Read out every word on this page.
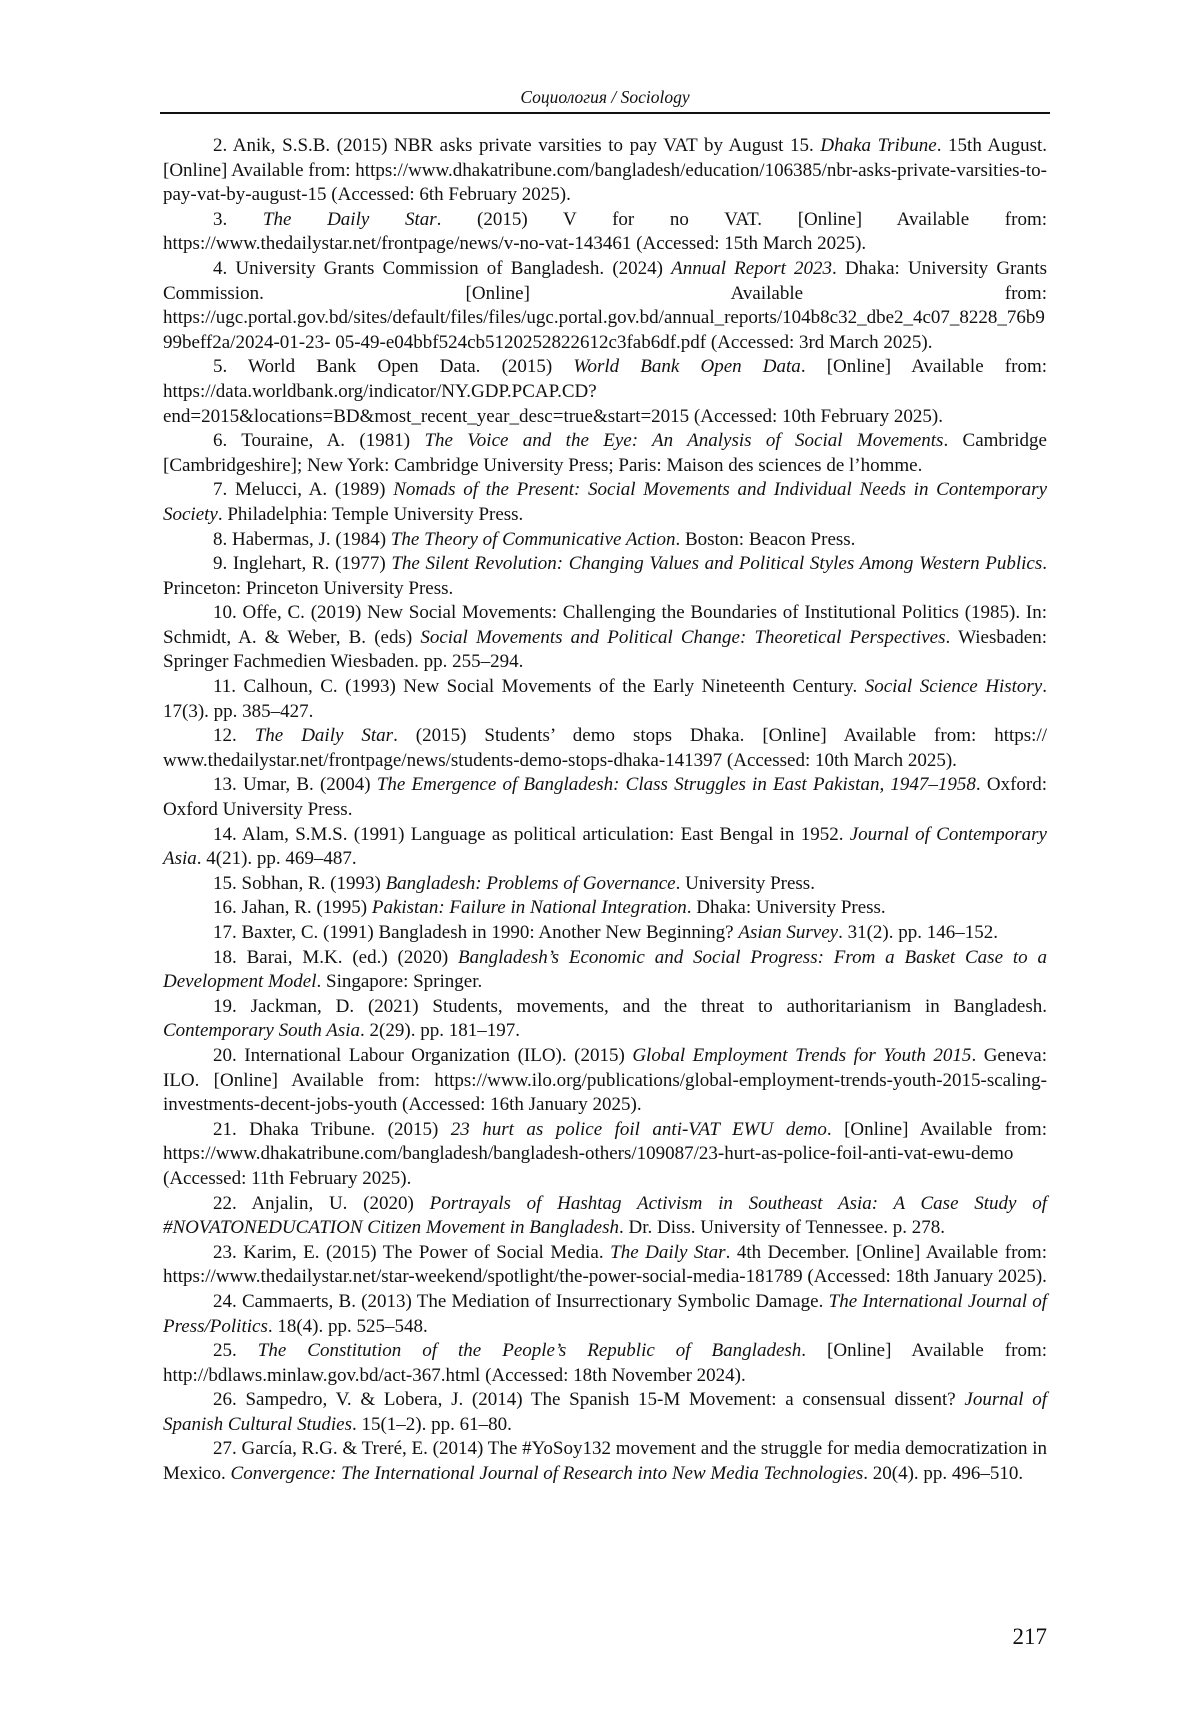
Социология / Sociology

2. Anik, S.S.B. (2015) NBR asks private varsities to pay VAT by August 15. Dhaka Tribune. 15th August. [Online] Available from: https://www.dhakatribune.com/bangladesh/education/106385/nbr-asks-private-varsities-to-pay-vat-by-august-15 (Accessed: 6th February 2025).

3. The Daily Star. (2015) V for no VAT. [Online] Available from: https://www.thedailystar.net/frontpage/news/v-no-vat-143461 (Accessed: 15th March 2025).

4. University Grants Commission of Bangladesh. (2024) Annual Report 2023. Dhaka: University Grants Commission. [Online] Available from: https://ugc.portal.gov.bd/sites/default/files/files/ugc.portal.gov.bd/annual_reports/104b8c32_dbe2_4c07_8228_76b999beff2a/2024-01-23- 05-49-e04bbf524cb5120252822612c3fab6df.pdf (Accessed: 3rd March 2025).

5. World Bank Open Data. (2015) World Bank Open Data. [Online] Available from: https://data.worldbank.org/indicator/NY.GDP.PCAP.CD?end=2015&locations=BD&most_recent_year_desc=true&start=2015 (Accessed: 10th February 2025).

6. Touraine, A. (1981) The Voice and the Eye: An Analysis of Social Movements. Cambridge [Cambridgeshire]; New York: Cambridge University Press; Paris: Maison des sciences de l’homme.

7. Melucci, A. (1989) Nomads of the Present: Social Movements and Individual Needs in Contemporary Society. Philadelphia: Temple University Press.

8. Habermas, J. (1984) The Theory of Communicative Action. Boston: Beacon Press.

9. Inglehart, R. (1977) The Silent Revolution: Changing Values and Political Styles Among Western Publics. Princeton: Princeton University Press.

10. Offe, C. (2019) New Social Movements: Challenging the Boundaries of Institutional Politics (1985). In: Schmidt, A. & Weber, B. (eds) Social Movements and Political Change: Theoretical Perspectives. Wiesbaden: Springer Fachmedien Wiesbaden. pp. 255–294.

11. Calhoun, C. (1993) New Social Movements of the Early Nineteenth Century. Social Science History. 17(3). pp. 385–427.

12. The Daily Star. (2015) Students’ demo stops Dhaka. [Online] Available from: https:// www.thedailystar.net/frontpage/news/students-demo-stops-dhaka-141397 (Accessed: 10th March 2025).

13. Umar, B. (2004) The Emergence of Bangladesh: Class Struggles in East Pakistan, 1947–1958. Oxford: Oxford University Press.

14. Alam, S.M.S. (1991) Language as political articulation: East Bengal in 1952. Journal of Contemporary Asia. 4(21). pp. 469–487.

15. Sobhan, R. (1993) Bangladesh: Problems of Governance. University Press.

16. Jahan, R. (1995) Pakistan: Failure in National Integration. Dhaka: University Press.

17. Baxter, C. (1991) Bangladesh in 1990: Another New Beginning? Asian Survey. 31(2). pp. 146–152.

18. Barai, M.K. (ed.) (2020) Bangladesh’s Economic and Social Progress: From a Basket Case to a Development Model. Singapore: Springer.

19. Jackman, D. (2021) Students, movements, and the threat to authoritarianism in Bangladesh. Contemporary South Asia. 2(29). pp. 181–197.

20. International Labour Organization (ILO). (2015) Global Employment Trends for Youth 2015. Geneva: ILO. [Online] Available from: https://www.ilo.org/publications/global-employment-trends-youth-2015-scaling-investments-decent-jobs-youth (Accessed: 16th January 2025).

21. Dhaka Tribune. (2015) 23 hurt as police foil anti-VAT EWU demo. [Online] Available from: https://www.dhakatribune.com/bangladesh/bangladesh-others/109087/23-hurt-as-police-foil-anti-vat-ewu-demo (Accessed: 11th February 2025).

22. Anjalin, U. (2020) Portrayals of Hashtag Activism in Southeast Asia: A Case Study of #NOVATONEDUCATION Citizen Movement in Bangladesh. Dr. Diss. University of Tennessee. p. 278.

23. Karim, E. (2015) The Power of Social Media. The Daily Star. 4th December. [Online] Available from: https://www.thedailystar.net/star-weekend/spotlight/the-power-social-media-181789 (Accessed: 18th January 2025).

24. Cammaerts, B. (2013) The Mediation of Insurrectionary Symbolic Damage. The International Journal of Press/Politics. 18(4). pp. 525–548.

25. The Constitution of the People’s Republic of Bangladesh. [Online] Available from: http://bdlaws.minlaw.gov.bd/act-367.html (Accessed: 18th November 2024).

26. Sampedro, V. & Lobera, J. (2014) The Spanish 15-M Movement: a consensual dissent? Journal of Spanish Cultural Studies. 15(1–2). pp. 61–80.

27. García, R.G. & Treré, E. (2014) The #YoSoy132 movement and the struggle for media democratization in Mexico. Convergence: The International Journal of Research into New Media Technologies. 20(4). pp. 496–510.

217
